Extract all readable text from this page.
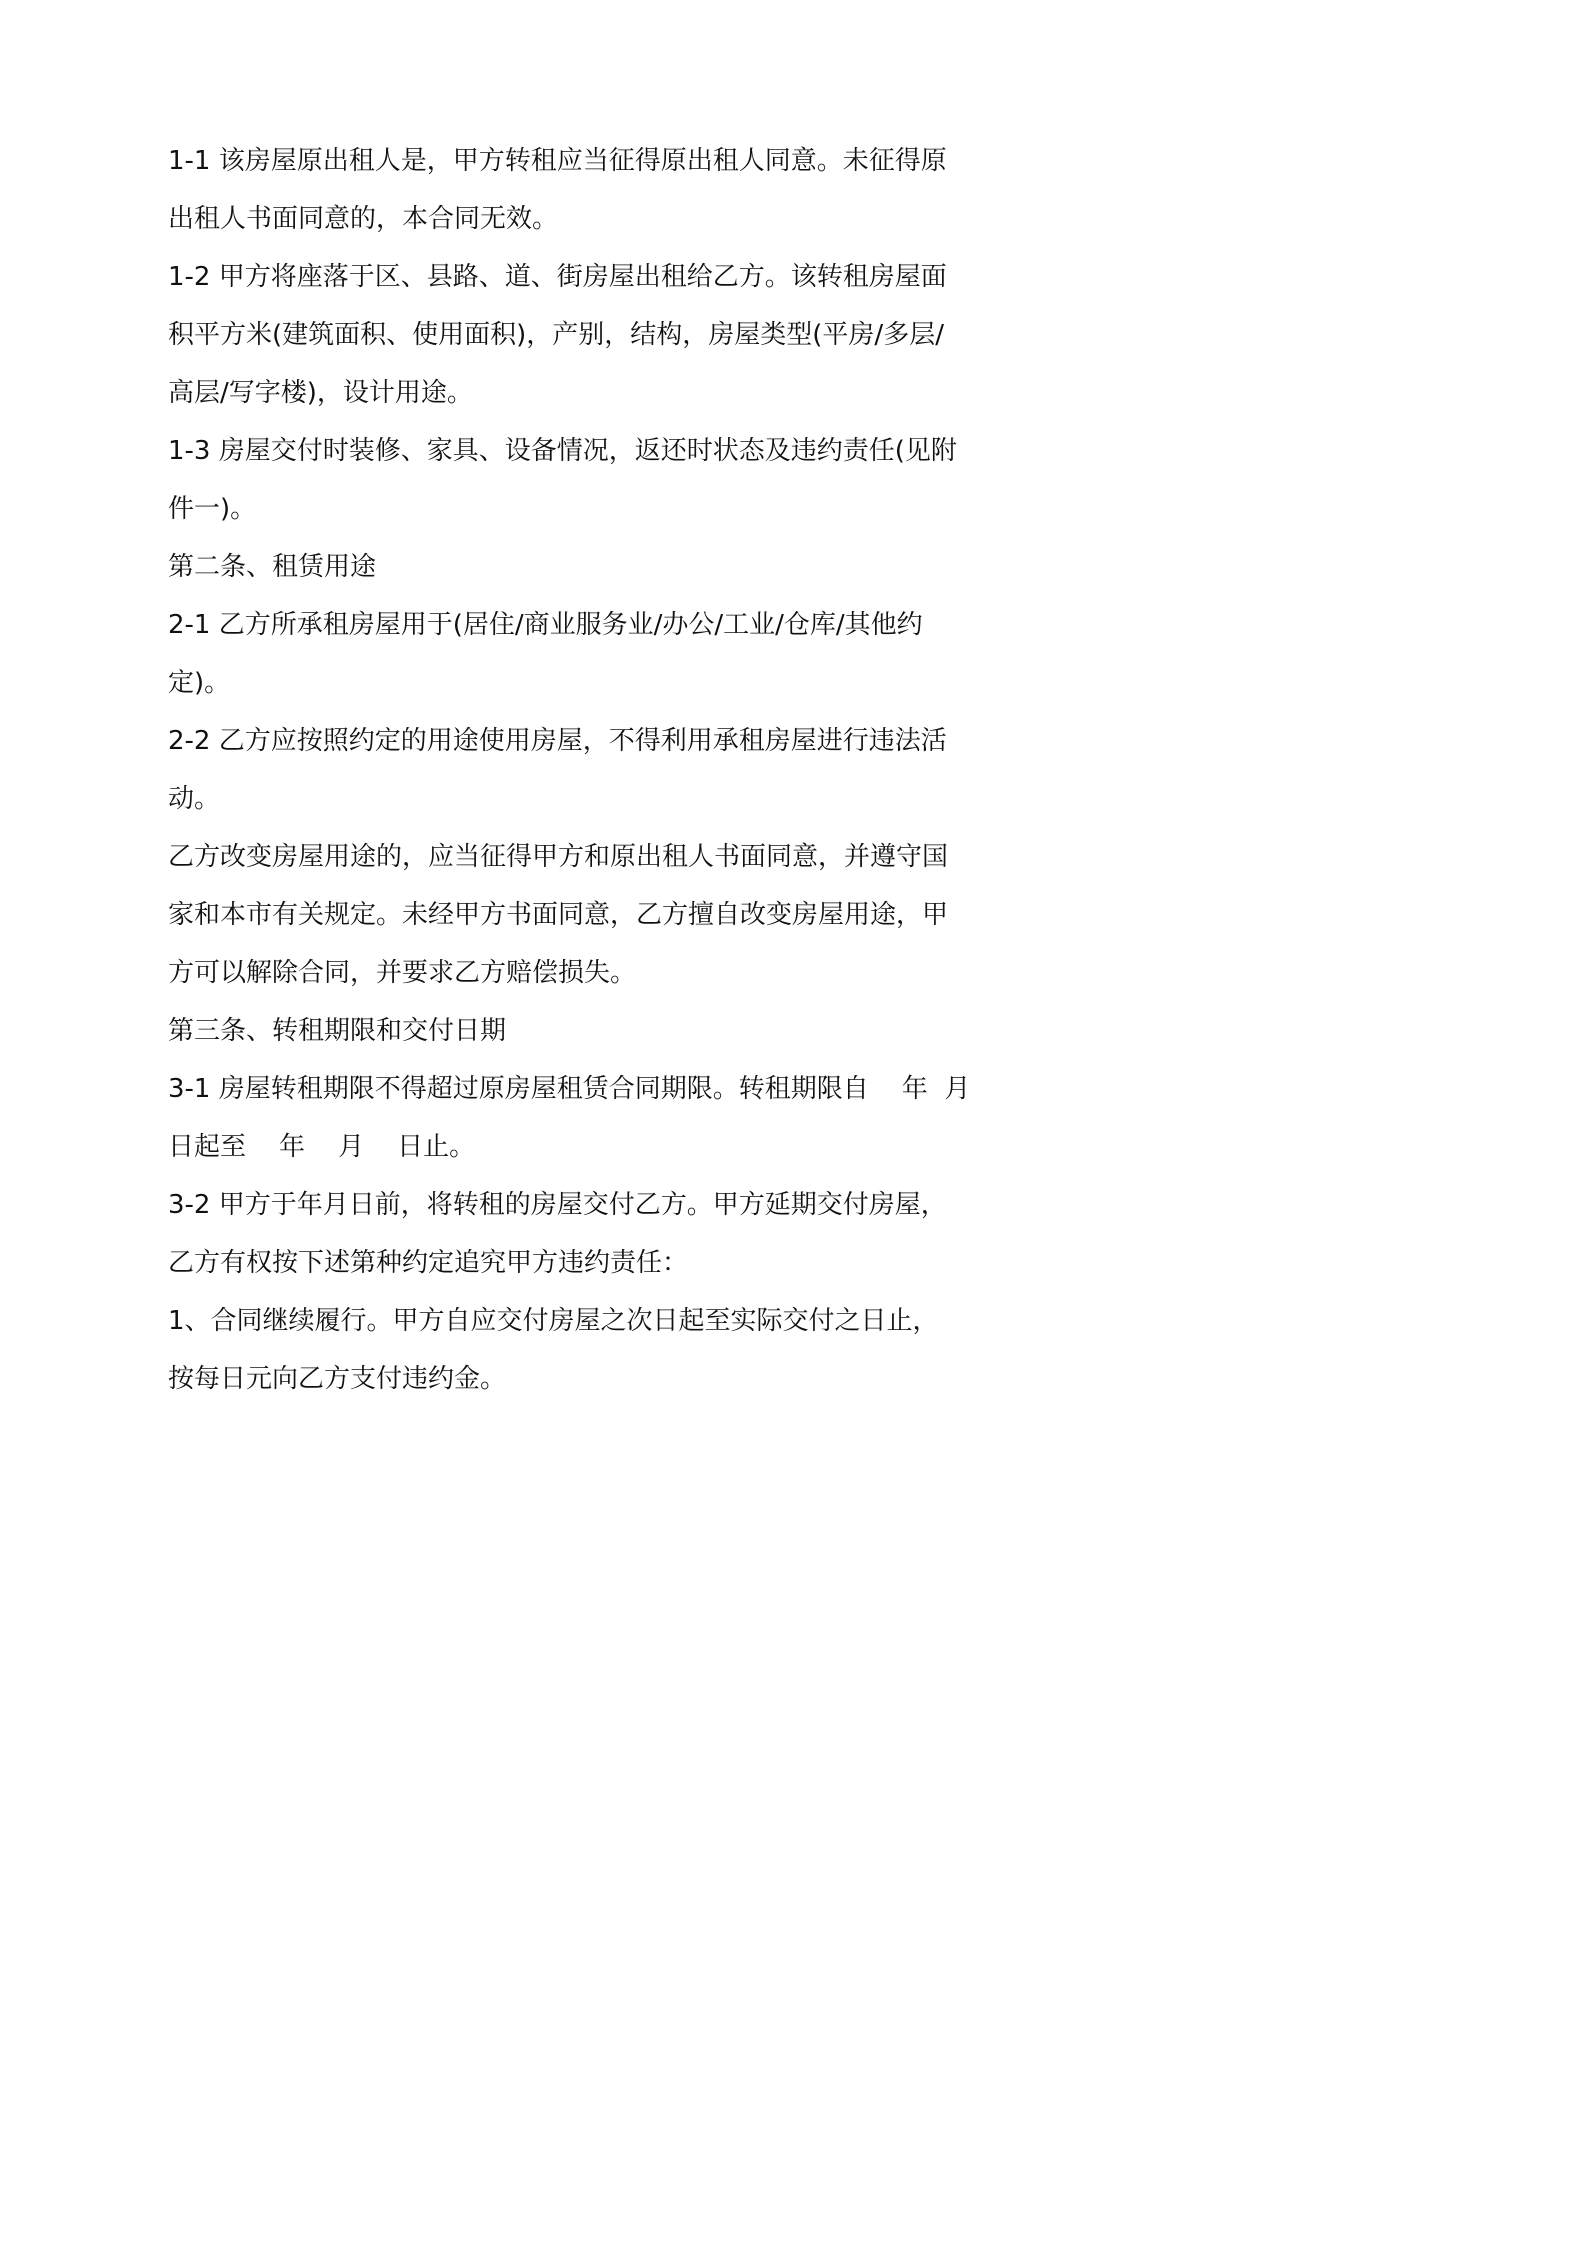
1-1 该房屋原出租人是，甲方转租应当征得原出租人同意。未征得原
出租人书面同意的，本合同无效。
1-2 甲方将座落于区、县路、道、街房屋出租给乙方。该转租房屋面
积平方米(建筑面积、使用面积)，产别，结构，房屋类型(平房/多层/
高层/写字楼)，设计用途。
1-3 房屋交付时装修、家具、设备情况，返还时状态及违约责任(见附
件一)。
第二条、租赁用途
2-1 乙方所承租房屋用于(居住/商业服务业/办公/工业/仓库/其他约
定)。
2-2 乙方应按照约定的用途使用房屋，不得利用承租房屋进行违法活
动。
乙方改变房屋用途的，应当征得甲方和原出租人书面同意，并遵守国
家和本市有关规定。未经甲方书面同意，乙方擅自改变房屋用途，甲
方可以解除合同，并要求乙方赔偿损失。
第三条、转租期限和交付日期
3-1 房屋转租期限不得超过原房屋租赁合同期限。转租期限自    年  月
日起至    年    月    日止。
3-2 甲方于年月日前，将转租的房屋交付乙方。甲方延期交付房屋，
乙方有权按下述第种约定追究甲方违约责任：
1、合同继续履行。甲方自应交付房屋之次日起至实际交付之日止，
按每日元向乙方支付违约金。
